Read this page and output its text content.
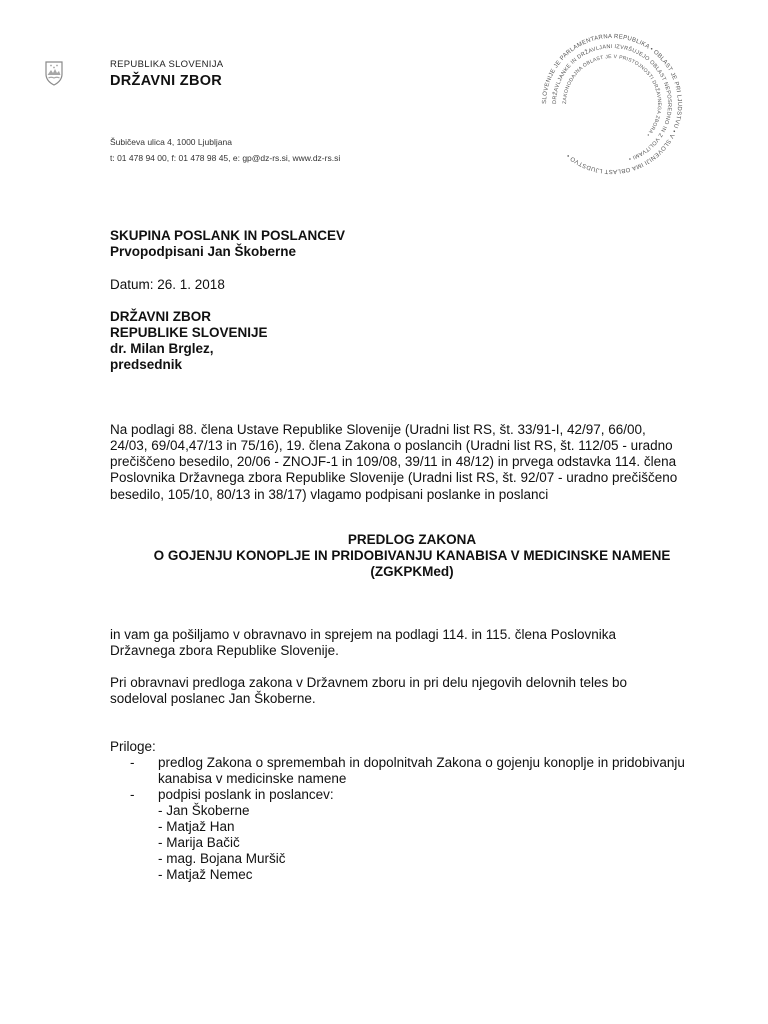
REPUBLIKA SLOVENIJA
DRŽAVNI ZBOR
Šubičeva ulica 4, 1000 Ljubljana
t: 01 478 94 00, f: 01 478 98 45, e: gp@dz-rs.si, www.dz-rs.si
SLOVENIJE JE PARLAMENTARNA REPUBLIKA • OBLAST JE PRI LJUDSTVU • V SLOVENIJI IMA OBLAST LJUDSTVO •
DRŽAVLJANKE IN DRŽAVLJANI IZVRŠUJEJO OBLAST NEPOSREDNO IN Z VOLITVAMI •
ZAKONODAJNA OBLAST JE V PRISTOJNOSTI DRŽAVNEGA ZBORA •
SKUPINA POSLANK IN POSLANCEV
Prvopodpisani Jan Škoberne
Datum: 26. 1. 2018
DRŽAVNI ZBOR
REPUBLIKE SLOVENIJE
dr. Milan Brglez,
predsednik
Na podlagi 88. člena Ustave Republike Slovenije (Uradni list RS, št. 33/91-I, 42/97, 66/00,
24/03, 69/04,47/13 in 75/16), 19. člena Zakona o poslancih (Uradni list RS, št. 112/05 - uradno
prečiščeno besedilo, 20/06 - ZNOJF-1 in 109/08, 39/11 in 48/12) in prvega odstavka 114. člena
Poslovnika Državnega zbora Republike Slovenije (Uradni list RS, št. 92/07 - uradno prečiščeno
besedilo, 105/10, 80/13 in 38/17) vlagamo podpisani poslanke in poslanci
PREDLOG ZAKONA
O GOJENJU KONOPLJE IN PRIDOBIVANJU KANABISA V MEDICINSKE NAMENE
(ZGKPKMed)
in vam ga pošiljamo v obravnavo in sprejem na podlagi 114. in 115. člena Poslovnika
Državnega zbora Republike Slovenije.
Pri obravnavi predloga zakona v Državnem zboru in pri delu njegovih delovnih teles bo
sodeloval poslanec Jan Škoberne.
Priloge:
- predlog Zakona o spremembah in dopolnitvah Zakona o gojenju konoplje in pridobivanju
kanabisa v medicinske namene
- podpisi poslank in poslancev:
- Jan Škoberne
- Matjaž Han
- Marija Bačič
- mag. Bojana Muršič
- Matjaž Nemec
